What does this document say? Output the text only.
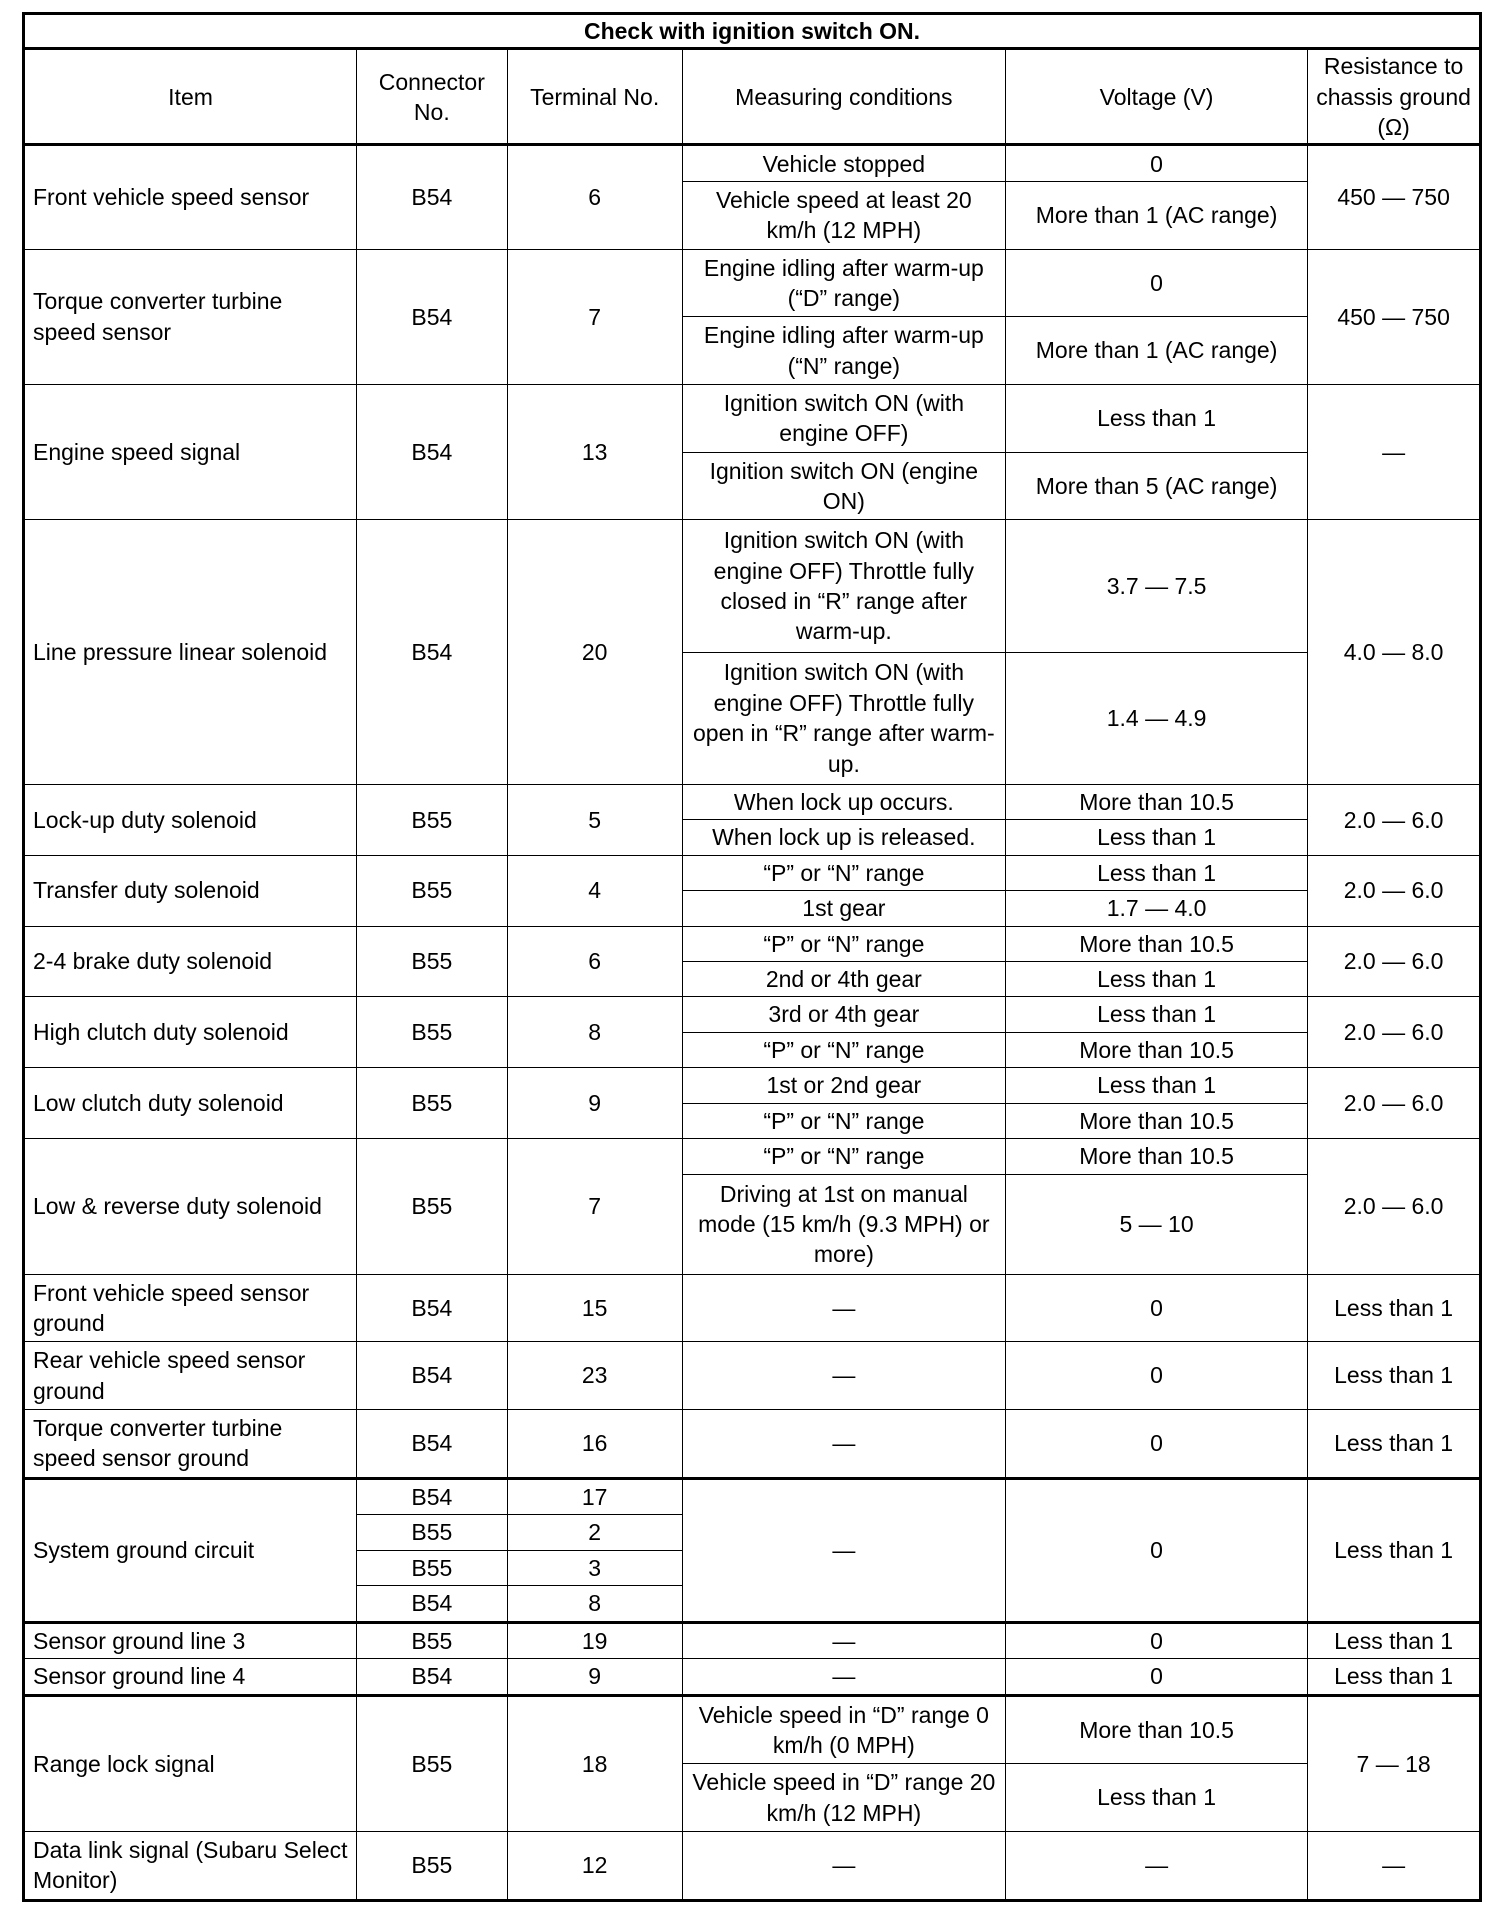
Check with ignition switch ON.					
Item	Connector No.	Terminal No.	Measuring conditions	Voltage (V)	Resistance to chassis ground (Ω)
Front vehicle speed sensor	B54	6	Vehicle stopped	0	450 — 750
			Vehicle speed at least 20 km/h (12 MPH)	More than 1 (AC range)	
Torque converter turbine speed sensor	B54	7	Engine idling after warm-up (“D” range)	0	450 — 750
			Engine idling after warm-up (“N” range)	More than 1 (AC range)	
Engine speed signal	B54	13	Ignition switch ON (with engine OFF)	Less than 1	—
			Ignition switch ON (engine ON)	More than 5 (AC range)	
Line pressure linear solenoid	B54	20	Ignition switch ON (with engine OFF) Throttle fully closed in “R” range after warm-up.	3.7 — 7.5	4.0 — 8.0
			Ignition switch ON (with engine OFF) Throttle fully open in “R” range after warm-up.	1.4 — 4.9	
Lock-up duty solenoid	B55	5	When lock up occurs.	More than 10.5	2.0 — 6.0
			When lock up is released.	Less than 1	
Transfer duty solenoid	B55	4	“P” or “N” range	Less than 1	2.0 — 6.0
			1st gear	1.7 — 4.0	
2-4 brake duty solenoid	B55	6	“P” or “N” range	More than 10.5	2.0 — 6.0
			2nd or 4th gear	Less than 1	
High clutch duty solenoid	B55	8	3rd or 4th gear	Less than 1	2.0 — 6.0
			“P” or “N” range	More than 10.5	
Low clutch duty solenoid	B55	9	1st or 2nd gear	Less than 1	2.0 — 6.0
			“P” or “N” range	More than 10.5	
Low & reverse duty solenoid	B55	7	“P” or “N” range	More than 10.5	2.0 — 6.0
			Driving at 1st on manual mode (15 km/h (9.3 MPH) or more)	5 — 10	
Front vehicle speed sensor ground	B54	15	—	0	Less than 1
Rear vehicle speed sensor ground	B54	23	—	0	Less than 1
Torque converter turbine speed sensor ground	B54	16	—	0	Less than 1
System ground circuit	B54	17	—	0	Less than 1
	B55	2			
	B55	3			
	B54	8			
Sensor ground line 3	B55	19	—	0	Less than 1
Sensor ground line 4	B54	9	—	0	Less than 1
Range lock signal	B55	18	Vehicle speed in “D” range 0 km/h (0 MPH)	More than 10.5	7 — 18
			Vehicle speed in “D” range 20 km/h (12 MPH)	Less than 1	
Data link signal (Subaru Select Monitor)	B55	12	—	—	—
